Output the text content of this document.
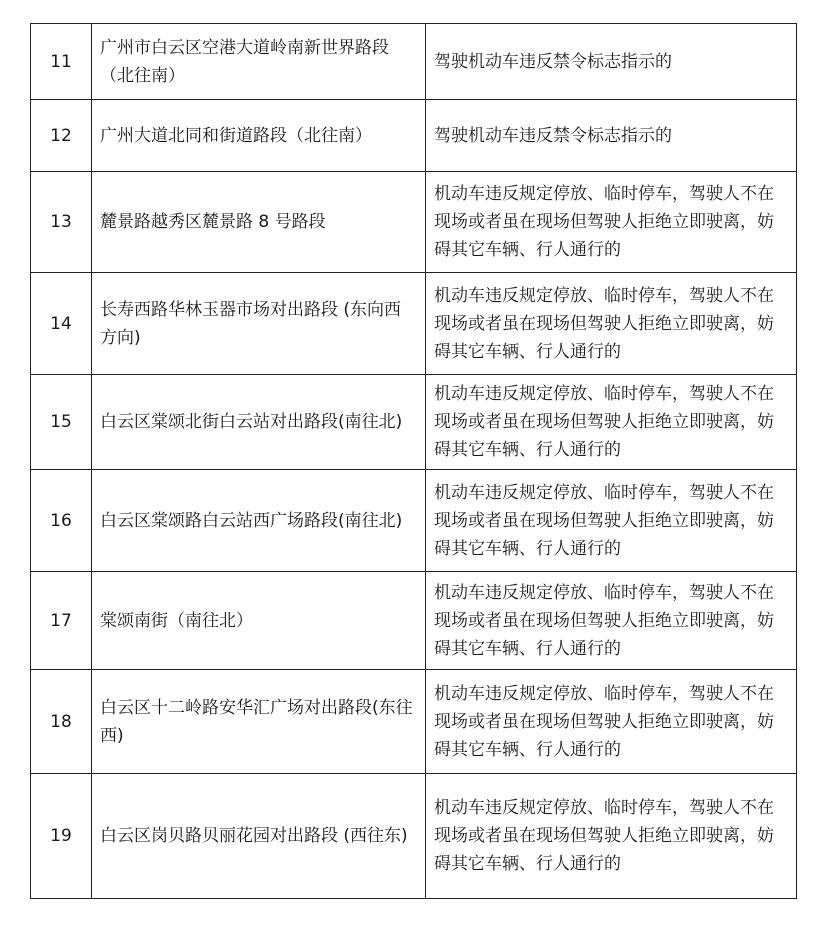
11	广州市白云区空港大道岭南新世界路段（北往南）	驾驶机动车违反禁令标志指示的
12	广州大道北同和街道路段（北往南）	驾驶机动车违反禁令标志指示的
13	麓景路越秀区麓景路 8 号路段	机动车违反规定停放、临时停车，驾驶人不在现场或者虽在现场但驾驶人拒绝立即驶离，妨碍其它车辆、行人通行的
14	长寿西路华林玉器市场对出路段 (东向西方向)	机动车违反规定停放、临时停车，驾驶人不在现场或者虽在现场但驾驶人拒绝立即驶离，妨碍其它车辆、行人通行的
15	白云区棠颂北街白云站对出路段(南往北)	机动车违反规定停放、临时停车，驾驶人不在现场或者虽在现场但驾驶人拒绝立即驶离，妨碍其它车辆、行人通行的
16	白云区棠颂路白云站西广场路段(南往北)	机动车违反规定停放、临时停车，驾驶人不在现场或者虽在现场但驾驶人拒绝立即驶离，妨碍其它车辆、行人通行的
17	棠颂南街（南往北）	机动车违反规定停放、临时停车，驾驶人不在现场或者虽在现场但驾驶人拒绝立即驶离，妨碍其它车辆、行人通行的
18	白云区十二岭路安华汇广场对出路段(东往西)	机动车违反规定停放、临时停车，驾驶人不在现场或者虽在现场但驾驶人拒绝立即驶离，妨碍其它车辆、行人通行的
19	白云区岗贝路贝丽花园对出路段 (西往东)	机动车违反规定停放、临时停车，驾驶人不在现场或者虽在现场但驾驶人拒绝立即驶离，妨碍其它车辆、行人通行的
